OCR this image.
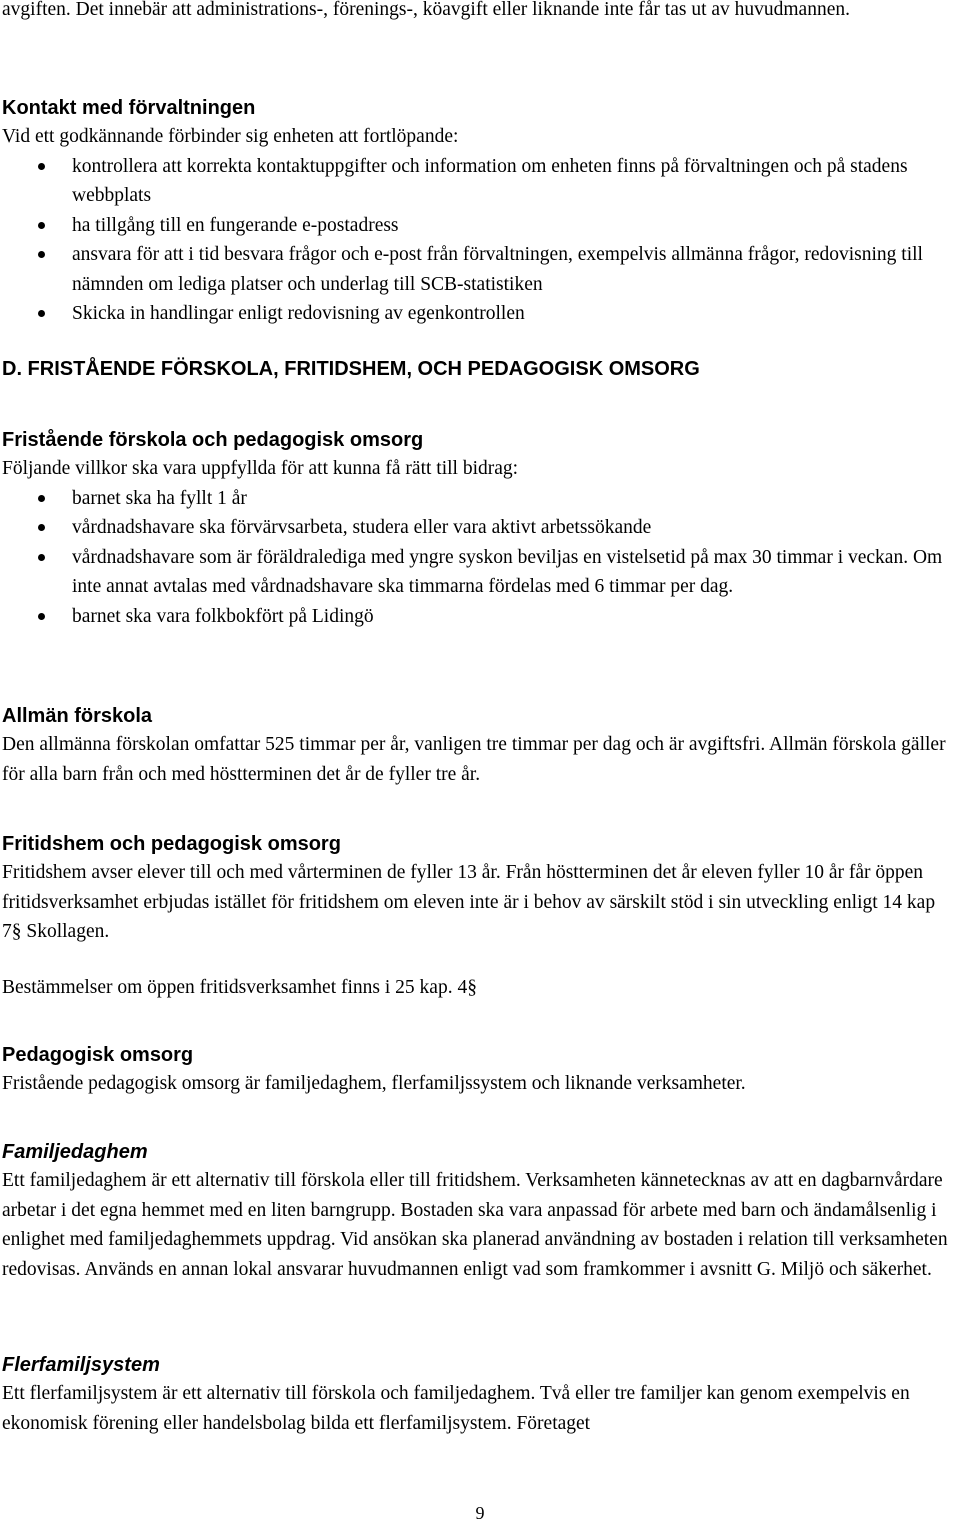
avgiften. Det innebär att administrations-, förenings-, köavgift eller liknande inte får tas ut av huvudmannen.

Kontakt med förvaltningen

Vid ett godkännande förbinder sig enheten att fortlöpande:

kontrollera att korrekta kontaktuppgifter och information om enheten finns på förvaltningen och på stadens webbplats
ha tillgång till en fungerande e-postadress
ansvara för att i tid besvara frågor och e-post från förvaltningen, exempelvis allmänna frågor, redovisning till nämnden om lediga platser och underlag till SCB-statistiken
Skicka in handlingar enligt redovisning av egenkontrollen

D. FRISTÅENDE FÖRSKOLA, FRITIDSHEM, OCH PEDAGOGISK OMSORG

Fristående förskola och pedagogisk omsorg

Följande villkor ska vara uppfyllda för att kunna få rätt till bidrag:

barnet ska ha fyllt 1 år
vårdnadshavare ska förvärvsarbeta, studera eller vara aktivt arbetssökande
vårdnadshavare som är föräldralediga med yngre syskon beviljas en vistelsetid på max 30 timmar i veckan. Om inte annat avtalas med vårdnadshavare ska timmarna fördelas med 6 timmar per dag.
barnet ska vara folkbokfört på Lidingö

Allmän förskola

Den allmänna förskolan omfattar 525 timmar per år, vanligen tre timmar per dag och är avgiftsfri. Allmän förskola gäller för alla barn från och med höstterminen det år de fyller tre år.

Fritidshem och pedagogisk omsorg

Fritidshem avser elever till och med vårterminen de fyller 13 år. Från höstterminen det år eleven fyller 10 år får öppen fritidsverksamhet erbjudas istället för fritidshem om eleven inte är i behov av särskilt stöd i sin utveckling enligt 14 kap 7§ Skollagen.

Bestämmelser om öppen fritidsverksamhet finns i 25 kap. 4§

Pedagogisk omsorg

Fristående pedagogisk omsorg är familjedaghem, flerfamiljssystem och liknande verksamheter.

Familjedaghem

Ett familjedaghem är ett alternativ till förskola eller till fritidshem. Verksamheten kännetecknas av att en dagbarnvårdare arbetar i det egna hemmet med en liten barngrupp. Bostaden ska vara anpassad för arbete med barn och ändamålsenlig i enlighet med familjedaghemmets uppdrag. Vid ansökan ska planerad användning av bostaden i relation till verksamheten redovisas. Används en annan lokal ansvarar huvudmannen enligt vad som framkommer i avsnitt G. Miljö och säkerhet.

Flerfamiljsystem

Ett flerfamiljsystem är ett alternativ till förskola och familjedaghem. Två eller tre familjer kan genom exempelvis en ekonomisk förening eller handelsbolag bilda ett flerfamiljsystem. Företaget

9
